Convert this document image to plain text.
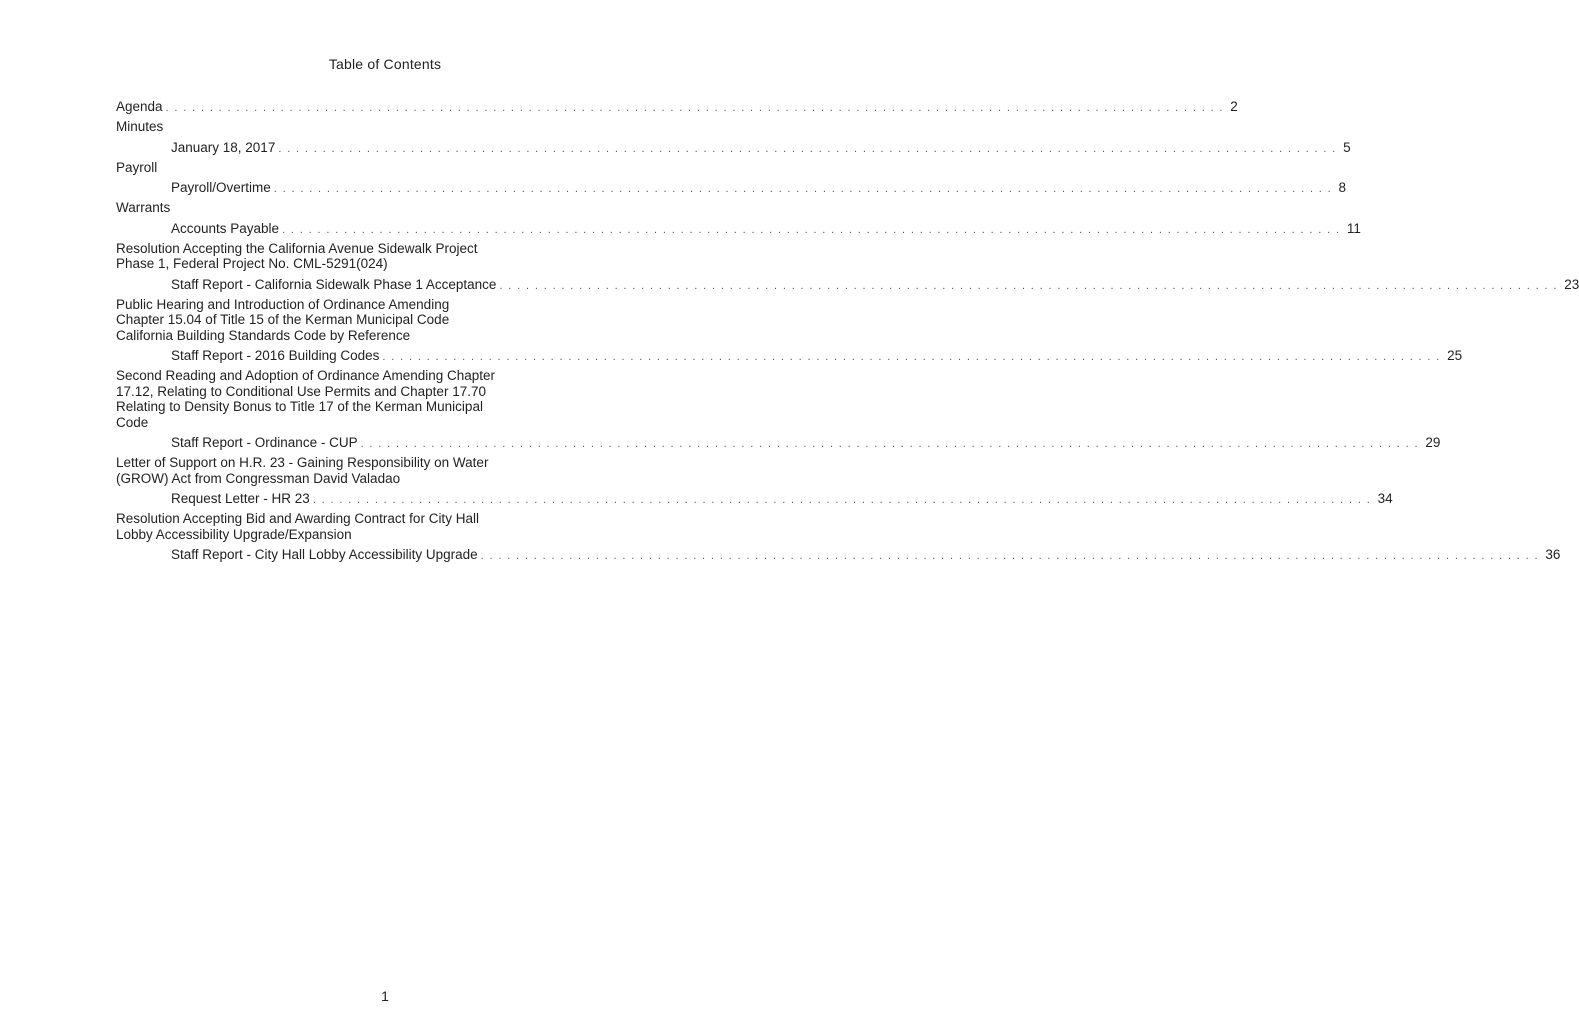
Table of Contents
Agenda ........................................................................................................................ 2
Minutes
January 18, 2017 ........................................................................................................................ 5
Payroll
Payroll/Overtime ........................................................................................................................ 8
Warrants
Accounts Payable ........................................................................................................................ 11
Resolution Accepting the California Avenue Sidewalk Project
Phase 1, Federal Project No. CML-5291(024)
Staff Report - California Sidewalk Phase 1 Acceptance ........................................................................................................................ 23
Public Hearing and Introduction of Ordinance Amending
Chapter 15.04 of Title 15 of the Kerman Municipal Code
California Building Standards Code by Reference
Staff Report - 2016 Building Codes ........................................................................................................................ 25
Second Reading and Adoption of Ordinance Amending Chapter
17.12, Relating to Conditional Use Permits and Chapter 17.70
Relating to Density Bonus to Title 17 of the Kerman Municipal
Code
Staff Report - Ordinance - CUP ........................................................................................................................ 29
Letter of Support on H.R. 23 - Gaining Responsibility on Water
(GROW) Act from Congressman David Valadao
Request Letter - HR 23 ........................................................................................................................ 34
Resolution Accepting Bid and Awarding Contract for City Hall
Lobby Accessibility Upgrade/Expansion
Staff Report - City Hall Lobby Accessibility Upgrade ........................................................................................................................ 36
1
